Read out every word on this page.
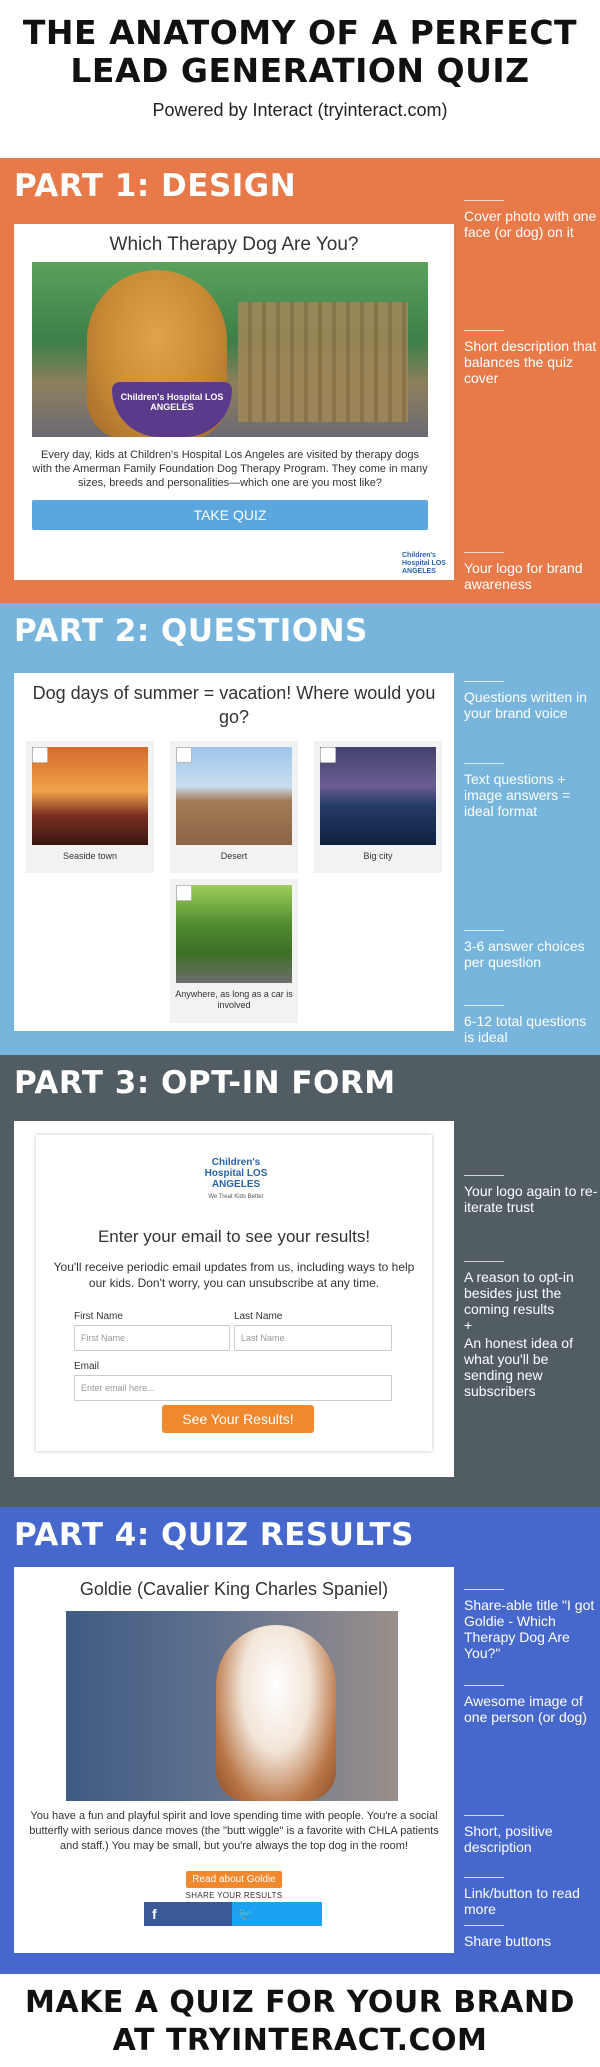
THE ANATOMY OF A PERFECT
LEAD GENERATION QUIZ
Powered by Interact (tryinteract.com)
PART 1: DESIGN
Which Therapy Dog Are You?
Children's Hospital LOS ANGELES
Every day, kids at Children's Hospital Los Angeles are visited by therapy dogs with the Amerman Family Foundation Dog Therapy Program. They come in many sizes, breeds and personalities—which one are you most like?
TAKE QUIZ
Children's Hospital LOS ANGELES
Cover photo with one face (or dog) on it
Short description that balances the quiz cover
Your logo for brand awareness
PART 2: QUESTIONS
Dog days of summer = vacation! Where would you go?
Seaside town	Desert	Big city
Anywhere, as long as a car is involved
Questions written in your brand voice
Text questions + image answers = ideal format
3-6 answer choices per question
6-12 total questions is ideal
PART 3: OPT-IN FORM
Children's Hospital LOS ANGELES
We Treat Kids Better
Enter your email to see your results!
You'll receive periodic email updates from us, including ways to help our kids. Don't worry, you can unsubscribe at any time.
First Name
First Name
Last Name
Last Name
Email
Enter email here...
See Your Results!
Your logo again to re-iterate trust
A reason to opt-in besides just the coming results
+
An honest idea of what you'll be sending new subscribers
PART 4: QUIZ RESULTS
Goldie (Cavalier King Charles Spaniel)
You have a fun and playful spirit and love spending time with people. You're a social butterfly with serious dance moves (the "butt wiggle" is a favorite with CHLA patients and staff.) You may be small, but you're always the top dog in the room!
Read about Goldie
SHARE YOUR RESULTS
f	🐦
Share-able title "I got Goldie - Which Therapy Dog Are You?"
Awesome image of one person (or dog)
Short, positive description
Link/button to read more
Share buttons
MAKE A QUIZ FOR YOUR BRAND
AT TRYINTERACT.COM
